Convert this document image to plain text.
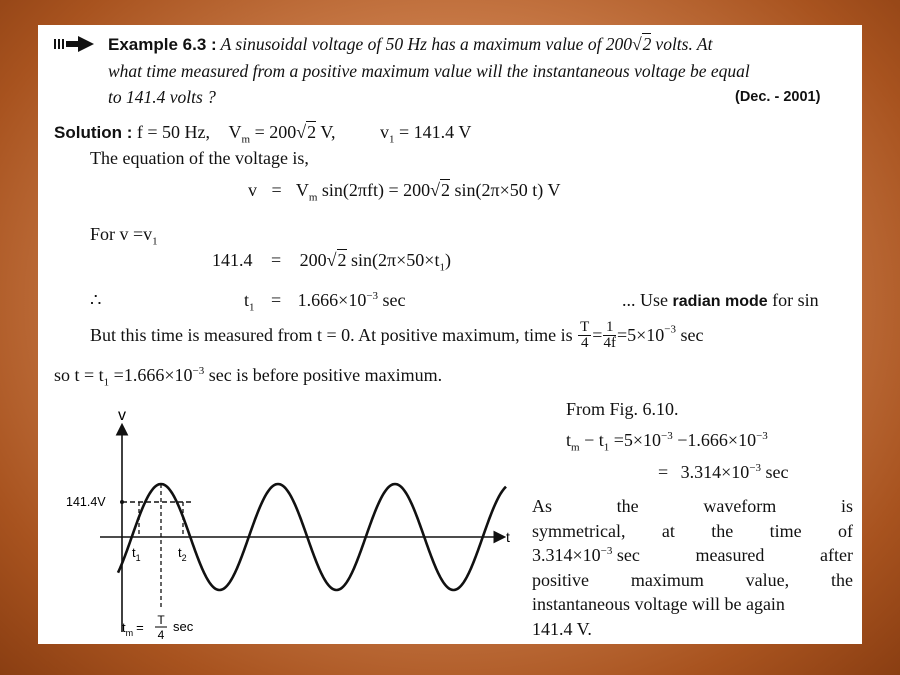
Example 6.3 : A sinusoidal voltage of 50 Hz has a maximum value of 200√2 volts. At
what time measured from a positive maximum value will the instantaneous voltage be equal
to 141.4 volts ?	(Dec. - 2001)
Solution : f = 50 Hz, $V_m = 200√2$ V, $v_1 = 141.4$ V
The equation of the voltage is,
$v = V_m$ sin(2πft) = 200√2 sin(2π×50 t) V
For $v =v_1$
141.4 = 200√2 $\sin(2\pi\times 50\times t_1)$
∴	$t_1 = 1.666\times 10^{-3}$ sec	... Use radian mode for sin
But this time is measured from t = 0. At positive maximum, time is $\frac{T}{4} = \frac{1}{4f} =5\times 10^{-3}$ sec
so $t = t_1 =1.666\times 10^{-3}$ sec is before positive maximum.
From Fig. 6.10.
$t_m - t_1 =5\times 10^{-3} -1.666\times 10^{-3}$
= $3.314\times 10^{-3}$ sec
As	the	waveform	is
symmetrical, at the time of
$3.314\times 10^{-3}$ sec	measured	after
positive maximum value, the
instantaneous voltage will be again
141.4 V.
v
t
141.4V
$t_1$	$t_2$
$t_m = T$
4
sec
